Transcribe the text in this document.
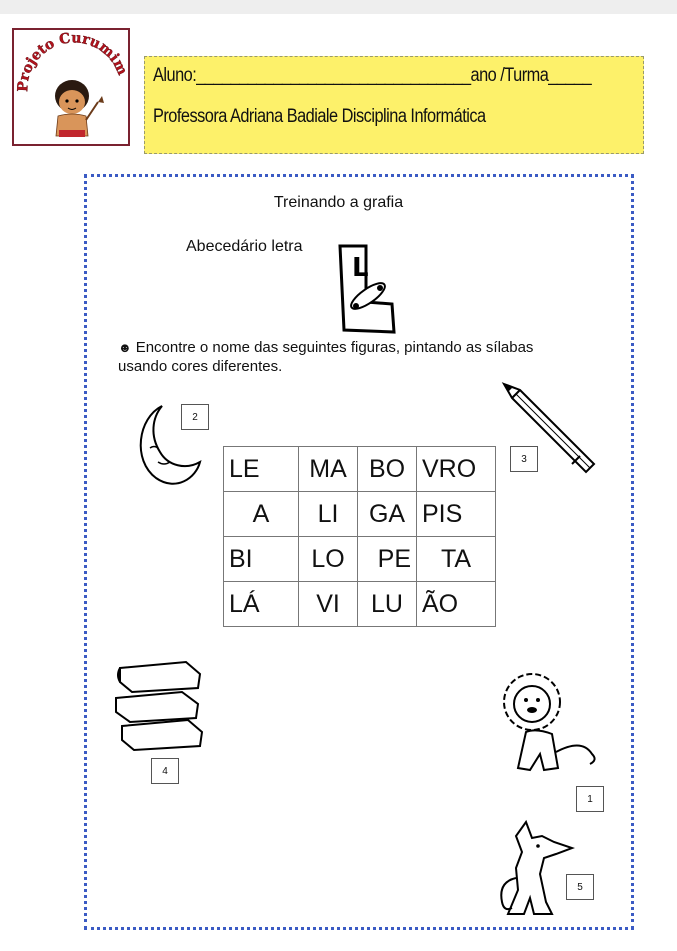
Projeto Curumim Aluno:________________________________ano /Turma_____
Professora Adriana Badiale Disciplina Informática
Treinando a grafia
Abecedário letra
L
☻ Encontre o nome das seguintes figuras, pintando as sílabas
usando cores diferentes.
LE	MA	BO	VRO
A	LI	GA	PIS
BI	LO	PE	TA
LÁ	VI	LU	ÃO
2
3
4
1
5
